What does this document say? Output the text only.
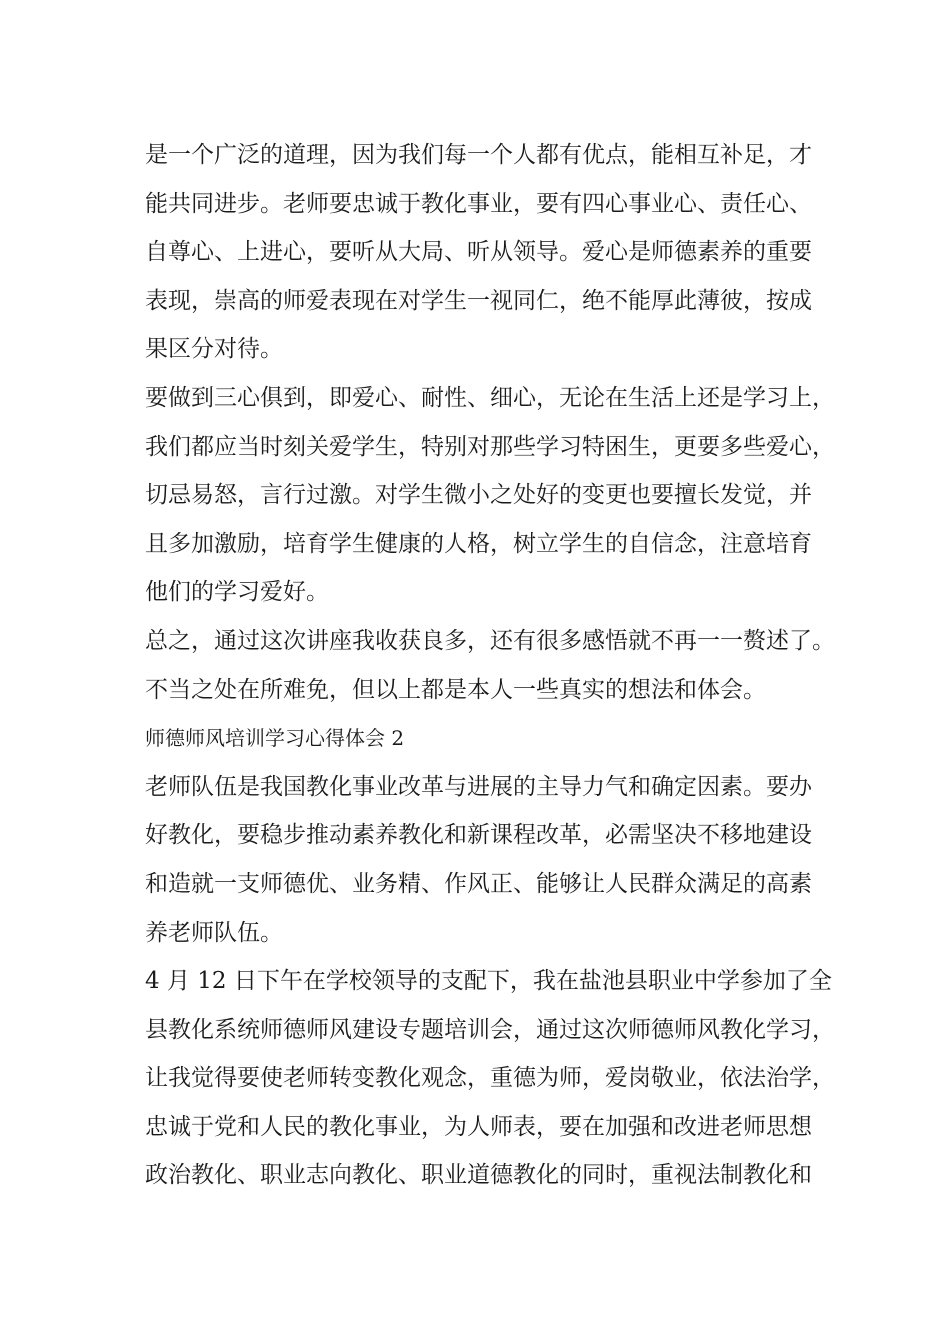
是一个广泛的道理，因为我们每一个人都有优点，能相互补足，才
能共同进步。老师要忠诚于教化事业，要有四心事业心、责任心、
自尊心、上进心，要听从大局、听从领导。爱心是师德素养的重要
表现，崇高的师爱表现在对学生一视同仁，绝不能厚此薄彼，按成
果区分对待。
要做到三心俱到，即爱心、耐性、细心，无论在生活上还是学习上，
我们都应当时刻关爱学生，特别对那些学习特困生，更要多些爱心，
切忌易怒，言行过激。对学生微小之处好的变更也要擅长发觉，并
且多加激励，培育学生健康的人格，树立学生的自信念，注意培育
他们的学习爱好。
总之，通过这次讲座我收获良多，还有很多感悟就不再一一赘述了。
不当之处在所难免，但以上都是本人一些真实的想法和体会。
师德师风培训学习心得体会 2
老师队伍是我国教化事业改革与进展的主导力气和确定因素。要办
好教化，要稳步推动素养教化和新课程改革，必需坚决不移地建设
和造就一支师德优、业务精、作风正、能够让人民群众满足的高素
养老师队伍。
4 月 12 日下午在学校领导的支配下，我在盐池县职业中学参加了全
县教化系统师德师风建设专题培训会，通过这次师德师风教化学习，
让我觉得要使老师转变教化观念，重德为师，爱岗敬业，依法治学，
忠诚于党和人民的教化事业，为人师表，要在加强和改进老师思想
政治教化、职业志向教化、职业道德教化的同时，重视法制教化和
